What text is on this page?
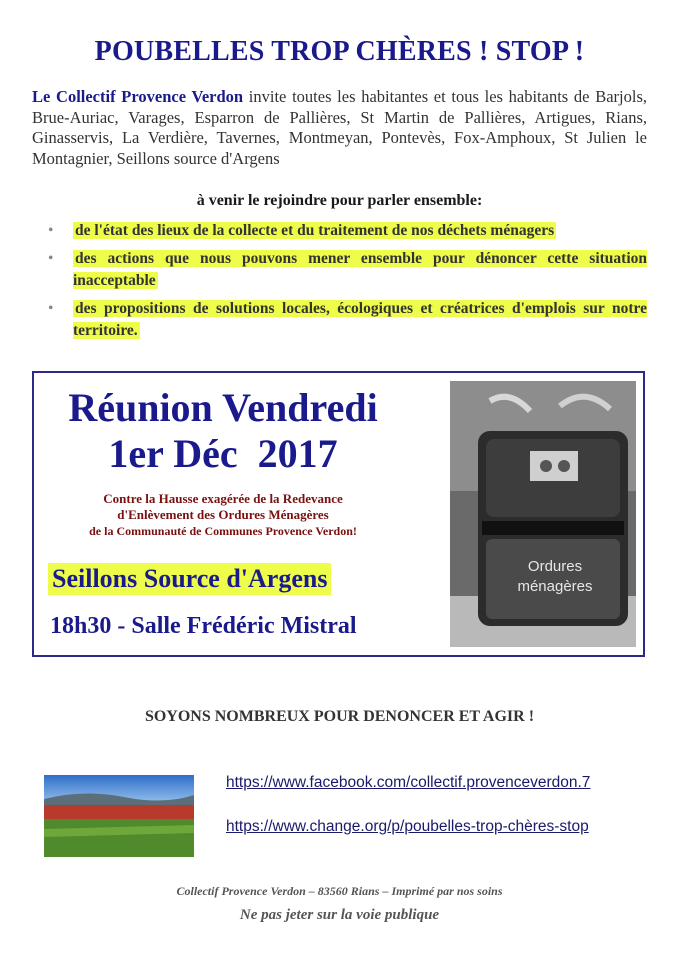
POUBELLES TROP CHÈRES ! STOP !
Le Collectif Provence Verdon invite toutes les habitantes et tous les habitants de Barjols, Brue-Auriac, Varages, Esparron de Pallières, St Martin de Pallières, Artigues, Rians, Ginasservis, La Verdière, Tavernes, Montmeyan, Pontevès, Fox-Amphoux, St Julien le Montagnier, Seillons source d'Argens
à venir le rejoindre pour parler ensemble:
• de l'état des lieux de la collecte et du traitement de nos déchets ménagers
• des actions que nous pouvons mener ensemble pour dénoncer cette situation inacceptable
• des propositions de solutions locales, écologiques et créatrices d'emplois sur notre territoire.
Réunion Vendredi
1er Déc  2017
Contre la Hausse exagérée de la Redevance
d'Enlèvement des Ordures Ménagères
de la Communauté de Communes Provence Verdon!
Seillons Source d'Argens
18h30 - Salle Frédéric Mistral
Ordures
ménagères
SOYONS NOMBREUX POUR DENONCER ET AGIR !
https://www.facebook.com/collectif.provenceverdon.7
https://www.change.org/p/poubelles-trop-chères-stop
Collectif Provence Verdon – 83560 Rians – Imprimé par nos soins
Ne pas jeter sur la voie publique
